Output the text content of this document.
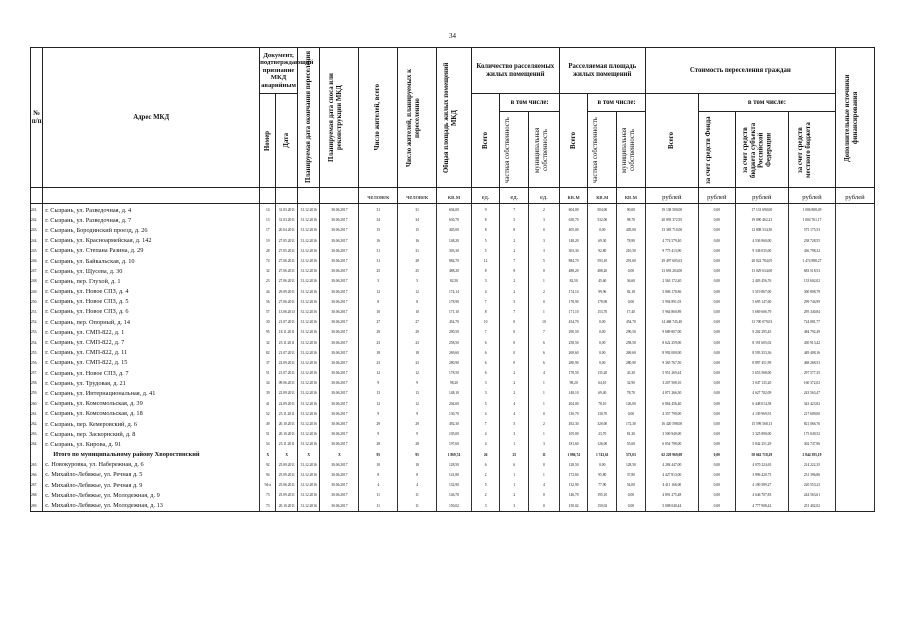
34
№ п/п	Адрес МКД	Документ, подтверждающий признание МКД аварийным		Планируемая дата окончания переселения	Планируемая дата сноса или реконструкции МКД	Число жителей, всего	Число жителей, планируемых к переселению	Общая площадь жилых помещений МКД	Количество расселяемых жилых помещений			Расселяемая площадь жилых помещений			Стоимость переселения граждан				Дополнительные источники финансирования

		Номер	Дата						Всего	в том числе:		Всего	в том числе:		Всего	в том числе:			

										частная собственность	муниципальная собственность		частная собственность	муниципальная собственность		за счет средств Фонда	за счет средств бюджета субъекта Российской Федерации	за счет средств местного бюджета	

						человек	человек	кв.м	ед.	ед.	ед.	кв.м	кв.м	кв.м	рублей	рублей	рублей	рублей	рублей
241.	г. Сызрань, ул. Разведочная, д. 4	14	31.03.2011	31.12.2016	30.06.2017	31	31	604,00	9	7	2	604,00	504,00	90,00	19 138 500,00	0,00	17 131 690,00	1 006 808,49	
242.	г. Сызрань, ул. Разведочная, д. 7	13	31.03.2011	31.12.2016	30.06.2017	34	34	630,70	8	5	3	630,70	532,00	98,70	20 093 372,95	0,00	19 090 462,23	1 004 761,17	
243.	г. Сызрань, Бородинский проезд, д. 26	17	20.04.2011	31.12.2016	30.06.2017	15	15	405,00	8	8	0	405,00	0,00	405,00	13 383 710,00	0,00	12 808 334,30	575 175,53	
244.	г. Сызрань, ул. Красноармейская, д. 142	19	27.05.2011	31.12.2016	30.06.2017	16	16	148,20	5	2	3	148,20	69,30	78,90	4 774 579,40	0,00	4 536 960,00	238 728,55	
245.	г. Сызрань, ул. Степана Разина, д. 29	28	27.05.2011	31.12.2016	30.06.2017	31	31	303,30	5	2	3	303,30	92,80	210,50	9 775 413,90	0,00	9 338 035,00	436 798,32	
246.	г. Сызрань, ул. Байкальская, д. 10	74	27.06.2011	31.12.2016	30.06.2017	31	28	884,70	12	7	5	884,70	593,10	291,60	29 497 605,63	0,00	28 022 784,05	1 474 888,27	
247.	г. Сызрань, ул. Щусева, д. 30	32	27.06.2011	31.12.2016	30.06.2017	25	25	488,20	8	8	0	488,20	488,20	0,00	13 693 204,00	0,00	13 029 634,00	683 518,53	
248.	г. Сызрань, пер. Глухой, д. 1	23	27.06.2011	31.12.2016	30.06.2017	5	5	82,50	3	2	1	82,50	45,60	36,60	2 563 172,40	0,00	2 403 456,76	133 602,02	
249.	г. Сызрань, ул. Новое СПЗ, д. 4	44	29.09.2011	31.12.2016	30.06.2017	12	12	174,14	4	2	2	174,14	99,96	82,18	5 806 178,86	0,00	5 519 867,00	300 808,79	
250.	г. Сызрань, ул. Новое СПЗ, д. 5	56	27.06.2011	31.12.2016	30.06.2017	8	8	178,90	7	5	0	178,90	178,90	0,00	5 994 891,03	0,00	5 695 147,60	299 744,99	
251.	г. Сызрань, ул. Новое СПЗ, д. 6	57	13.06.2013	31.12.2016	30.06.2017	10	10	171,10	8	7	1	171,10	153,70	17,40	5 964 860,89	0,00	5 669 606,79	295 340,84	
252.	г. Сызрань, пер. Опорный, д. 14	30	21.07.2011	31.12.2016	30.06.2017	27	27	454,70	10	0	10	454,70	0,00	454,70	14 468 745,40	0,00	13 700 079,03	724 081,77	
253.	г. Сызрань, ул. СМП-822, д. 1	95	18.11.2011	31.12.2016	30.06.2017	29	29	290,50	7	0	7	290,50	0,00	290,50	9 689 807,00	0,00	9 202 295,45	484 792,49	
254.	г. Сызрань, ул. СМП-822, д. 7	32	25.11.2011	31.12.2016	30.06.2017	23	23	258,50	6	0	6	258,50	0,00	258,50	8 622 259,00	0,00	8 191 605,02	430 913,42	
255.	г. Сызрань, ул. СМП-822, д. 11	82	21.07.2011	31.12.2016	30.06.2017	18	18	269,60	6	0	6	269,60	0,00	269,60	8 992 000,00	0,00	8 593 353,36	449 408,16	
256.	г. Сызрань, ул. СМП-822, д. 15	37	22.09.2011	31.12.2016	30.06.2017	23	23	280,90	6	0	6	280,90	0,00	280,90	9 365 767,50	0,00	8 897 451,99	468 268,53	
257.	г. Сызрань, ул. Новое СПЗ, д. 7	51	21.07.2011	31.12.2016	30.06.2017	12	12	178,50	6	2	4	178,50	135,20	43,30	5 951 269,44	0,00	5 653 568,00	297 577,35	
258.	г. Сызрань, ул. Трудовая, д. 21	34	09.06.2011	31.12.2016	30.06.2017	9	9	98,20	3	2	1	98,20	64,10	32,90	3 207 508,10	0,00	3 047 135,20	160 372,02	
259.	г. Сызрань, ул. Интернациональная, д. 41	39	22.09.2011	31.12.2016	30.06.2017	13	13	148,10	3	2	1	148,10	69,40	78,70	4 871 266,30	0,00	4 627 702,09	243 563,47	
260.	г. Сызрань, ул. Комсомольская, д. 39	41	22.09.2011	31.12.2016	30.06.2017	12	12	204,00	5	4	1	204,00	78,10	126,00	6 864 456,40	0,00	6 448 014,58	343 423,82	
261.	г. Сызрань, ул. Комсомольская, д. 18	52	25.11.2011	31.12.2016	30.06.2017	9	9	130,70	4	4	0	130,70	130,70	0,00	4 357 799,00	0,00	4 139 969,91	217 609,00	
262.	г. Сызрань, пер. Кемеровский, д. 6	49	20.10.2011	31.12.2016	30.06.2017	29	29	492,30	7	5	2	492,30	320,00	172,30	16 420 598,00	0,00	15 599 568,13	821 066,76	
263.	г. Сызрань, пер. Заскорнский, д. 8	51	20.10.2011	31.12.2016	30.06.2017	9	9	105,00	4	3	1	105,00	23,70	81,30	3 500 940,00	0,00	3 325 890,00	175 049,52	
264.	г. Сызрань, ул. Кирова, д. 91	54	25.11.2011	31.12.2016	30.06.2017	28	28	197,60	4	1	3	181,60	126,00	55,60	6 054 798,00	0,00	5 842 251,29	302 747,96	
	Итого по муниципальному району Хворостянский	X	X	X	X	95	95	1 869,74	26	25	11	1 886,74	1 743,61	573,03	62 229 969,08	0,00	58 662 718,29	2 844 395,19	
265.	с. Новокуровка, ул. Набережная, д. 6	92	25.09.2011	31.12.2016	30.06.2017	10	10	128,50	6	6	0	128,50	0,00	128,50	4 284 447,00	0,00	4 070 224,65	214 222,35	
266.	с. Михайло-Лебяжье, ул. Речная д. 5	94	25.09.2011	31.12.2016	30.06.2017	8	8	141,80	2	1	1	172,60	95,80	37,80	4 427 813,00	0,00	3 996 420,75	231 396,86	
267.	с. Михайло-Лебяжье, ул. Речная д. 9	94-а	25.06.2011	31.12.2016	30.06.2017	4	4	132,90	5	1	4	132,90	77,90	54,00	4 411 166,00	0,00	4 190 589,27	220 553,23	
268.	с. Михайло-Лебяжье, ул. Молодежная, д. 9	73	25.09.2011	31.12.2016	30.06.2017	11	11	146,70	2	2	0	146,70	195,10	0,00	4 891 275,48	0,00	4 646 707,83	244 563,61	
269.	с. Михайло-Лебяжье, ул. Молодежная, д. 13	73	20.10.2011	31.12.2016	30.06.2017	11	11	150,02	3	3	0	150,02	150,02	0,00	5 008 040,44	0,00	4 777 908,42	251 402,02	
